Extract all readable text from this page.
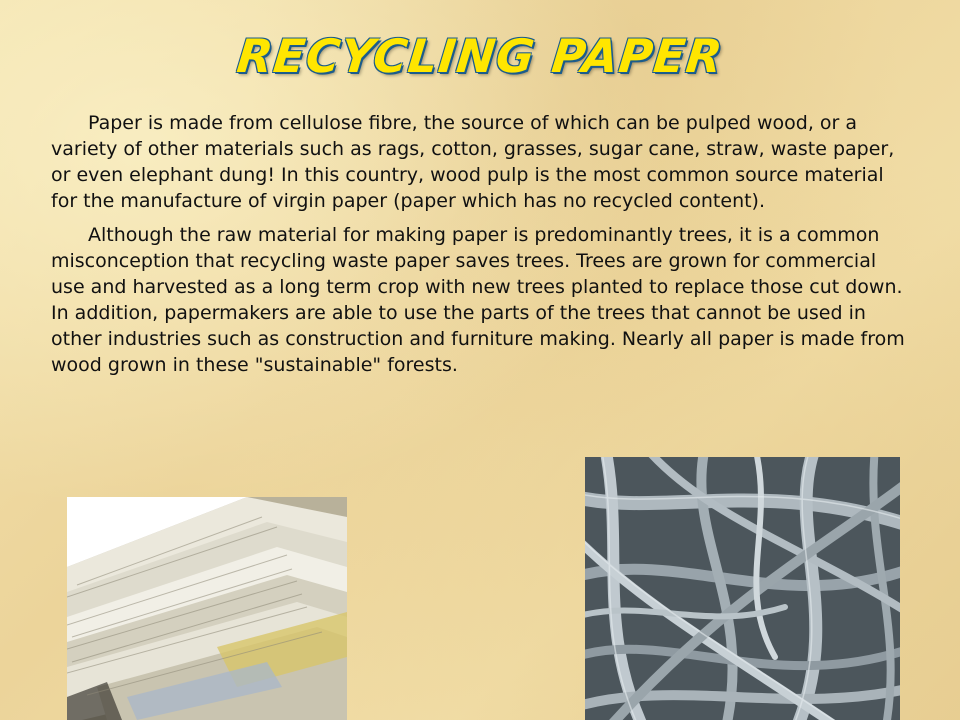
RECYCLING PAPER

Paper is made from cellulose fibre, the source of which can be pulped wood, or a variety of other materials such as rags, cotton, grasses, sugar cane, straw, waste paper, or even elephant dung! In this country, wood pulp is the most common source material for the manufacture of virgin paper (paper which has no recycled content).

Although the raw material for making paper is predominantly trees, it is a common misconception that recycling waste paper saves trees. Trees are grown for commercial use and harvested as a long term crop with new trees planted to replace those cut down. In addition, papermakers are able to use the parts of the trees that cannot be used in other industries such as construction and furniture making. Nearly all paper is made from wood grown in these "sustainable" forests.
